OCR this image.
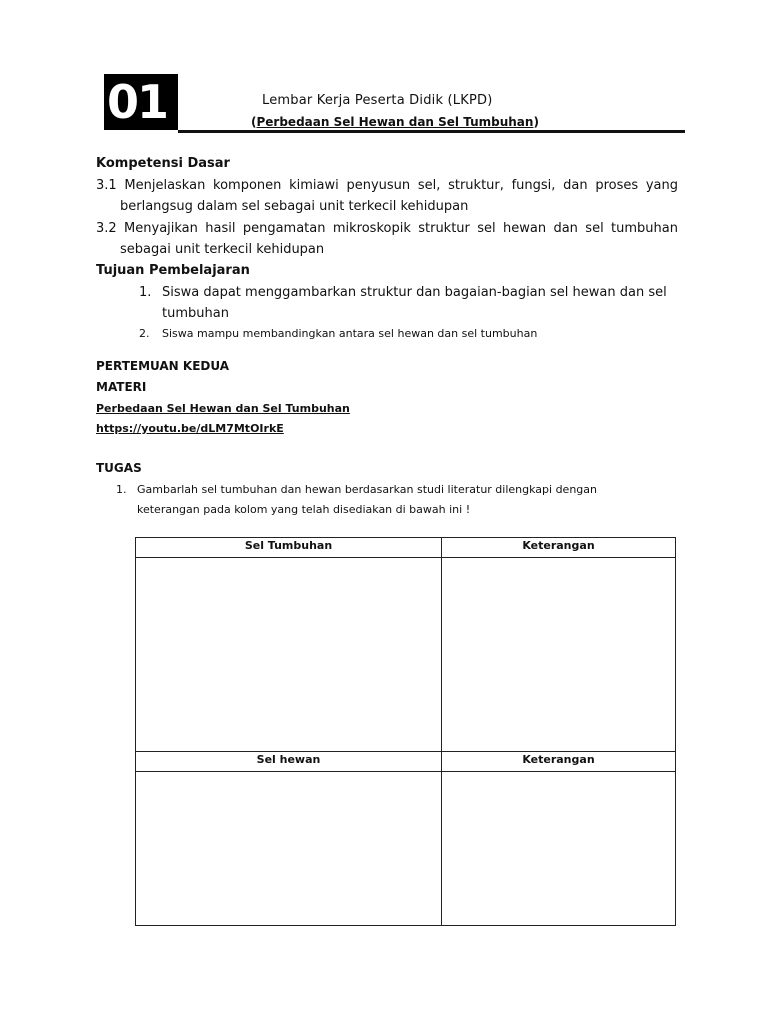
01	Lembar Kerja Peserta Didik (LKPD)
(Perbedaan Sel Hewan dan Sel Tumbuhan)
Kompetensi Dasar
3.1 Menjelaskan komponen kimiawi penyusun sel, struktur, fungsi, dan proses yang
berlangsug dalam sel sebagai unit terkecil kehidupan
3.2 Menyajikan hasil pengamatan mikroskopik struktur sel hewan dan sel tumbuhan
sebagai unit terkecil kehidupan
Tujuan Pembelajaran
1. Siswa dapat menggambarkan struktur dan bagaian-bagian sel hewan dan sel
tumbuhan
2. Siswa mampu membandingkan antara sel hewan dan sel tumbuhan
PERTEMUAN KEDUA
MATERI
Perbedaan Sel Hewan dan Sel Tumbuhan
https://youtu.be/dLM7MtOIrkE
TUGAS
1. Gambarlah sel tumbuhan dan hewan berdasarkan studi literatur dilengkapi dengan
keterangan pada kolom yang telah disediakan di bawah ini !
Sel Tumbuhan	Keterangan
Sel hewan	Keterangan
